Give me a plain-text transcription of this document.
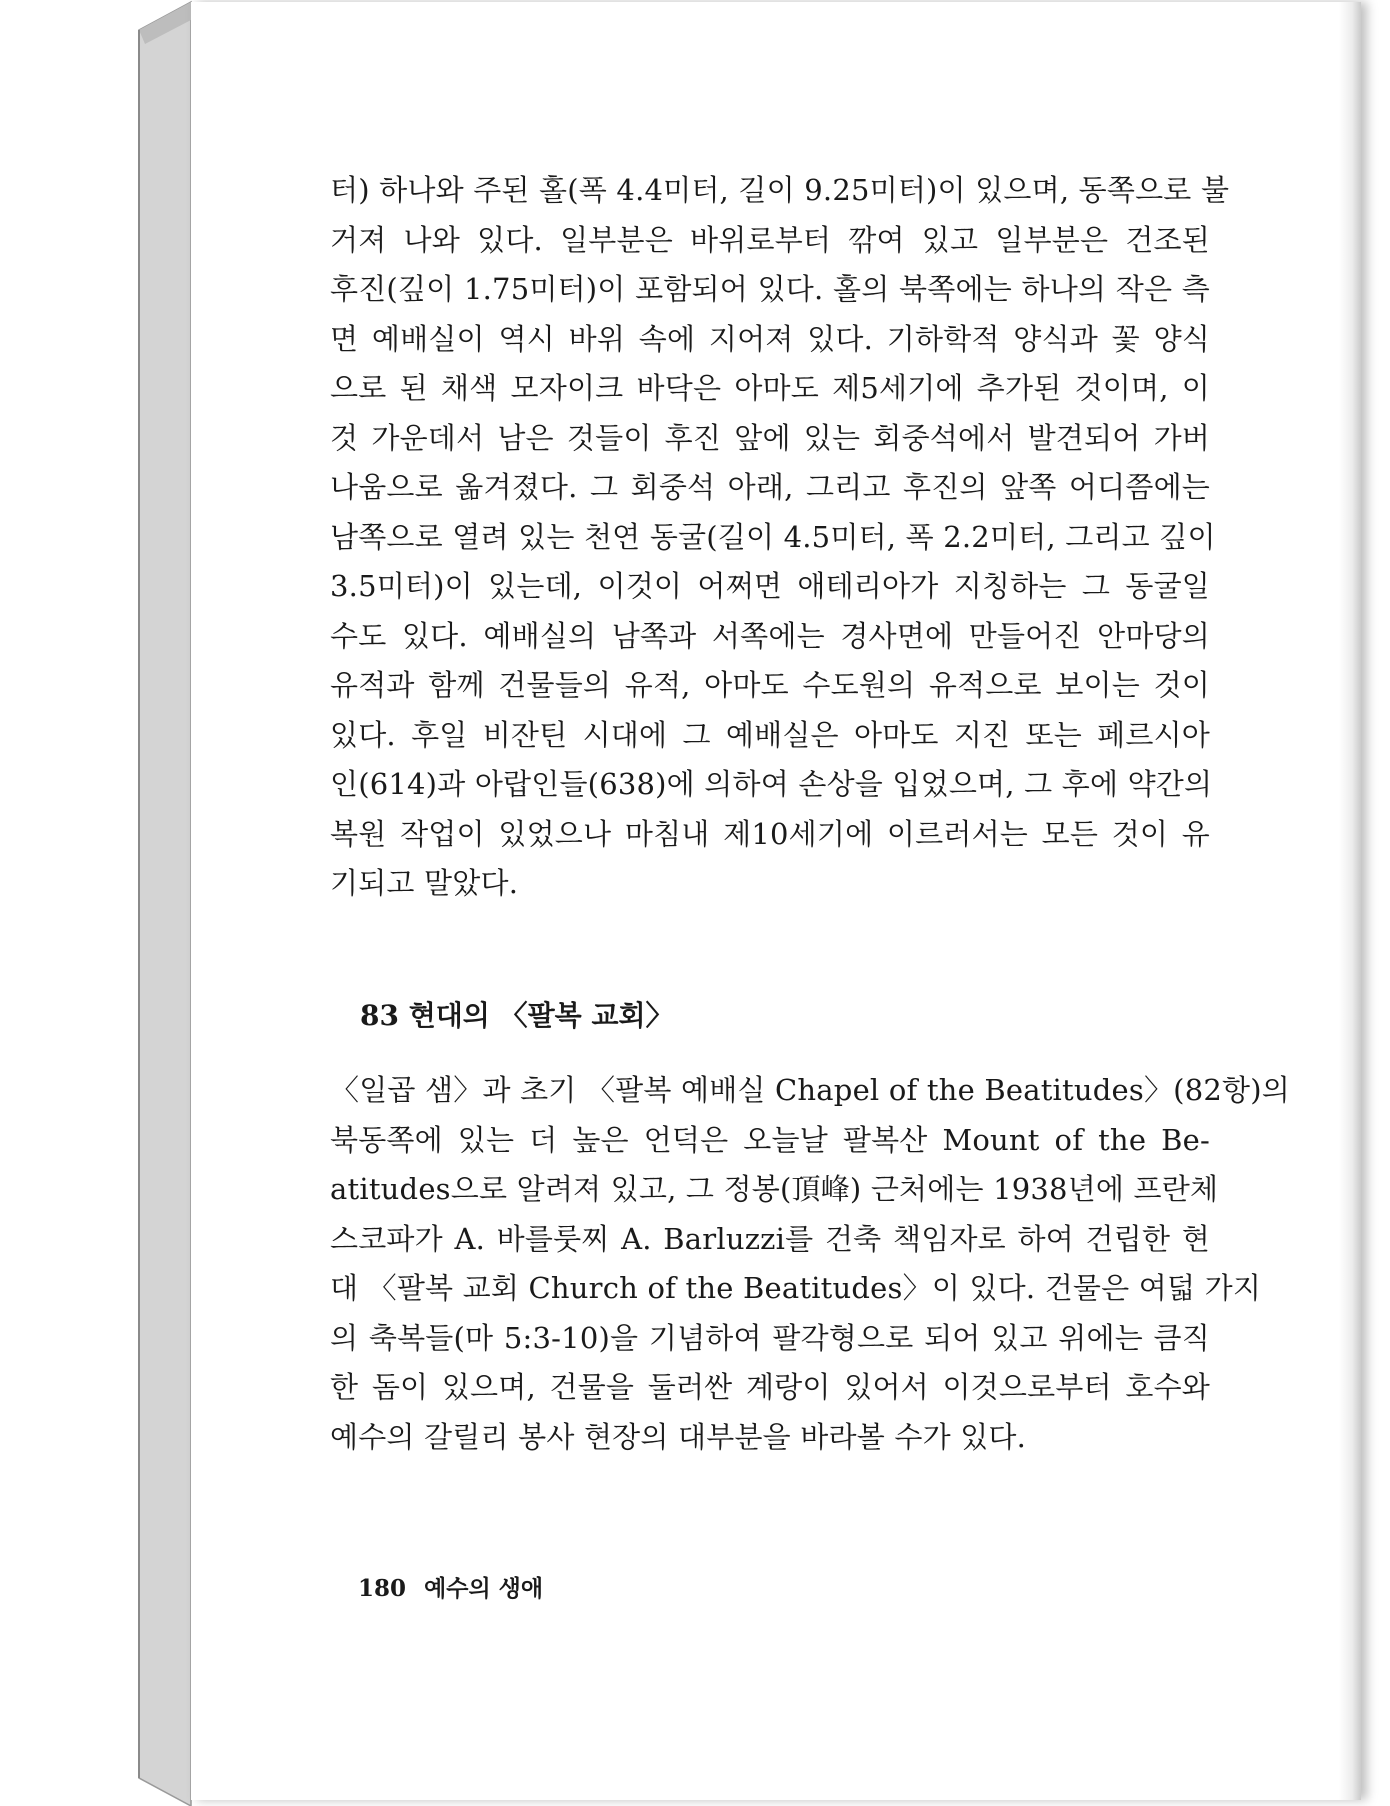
터) 하나와 주된 홀(폭 4.4미터, 길이 9.25미터)이 있으며, 동쪽으로 불
거져 나와 있다. 일부분은 바위로부터 깎여 있고 일부분은 건조된
후진(깊이 1.75미터)이 포함되어 있다. 홀의 북쪽에는 하나의 작은 측
면 예배실이 역시 바위 속에 지어져 있다. 기하학적 양식과 꽃 양식
으로 된 채색 모자이크 바닥은 아마도 제5세기에 추가된 것이며, 이
것 가운데서 남은 것들이 후진 앞에 있는 회중석에서 발견되어 가버
나움으로 옮겨졌다. 그 회중석 아래, 그리고 후진의 앞쪽 어디쯤에는
남쪽으로 열려 있는 천연 동굴(길이 4.5미터, 폭 2.2미터, 그리고 깊이
3.5미터)이 있는데, 이것이 어쩌면 애테리아가 지칭하는 그 동굴일
수도 있다. 예배실의 남쪽과 서쪽에는 경사면에 만들어진 안마당의
유적과 함께 건물들의 유적, 아마도 수도원의 유적으로 보이는 것이
있다. 후일 비잔틴 시대에 그 예배실은 아마도 지진 또는 페르시아
인(614)과 아랍인들(638)에 의하여 손상을 입었으며, 그 후에 약간의
복원 작업이 있었으나 마침내 제10세기에 이르러서는 모든 것이 유
기되고 말았다.

83 현대의 〈팔복 교회〉

〈일곱 샘〉과 초기 〈팔복 예배실 Chapel of the Beatitudes〉(82항)의
북동쪽에 있는 더 높은 언덕은 오늘날 팔복산 Mount of the Be-
atitudes으로 알려져 있고, 그 정봉(頂峰) 근처에는 1938년에 프란체
스코파가 A. 바를룻찌 A. Barluzzi를 건축 책임자로 하여 건립한 현
대 〈팔복 교회 Church of the Beatitudes〉이 있다. 건물은 여덟 가지
의 축복들(마 5:3-10)을 기념하여 팔각형으로 되어 있고 위에는 큼직
한 돔이 있으며, 건물을 둘러싼 계랑이 있어서 이것으로부터 호수와
예수의 갈릴리 봉사 현장의 대부분을 바라볼 수가 있다.

180 예수의 생애
